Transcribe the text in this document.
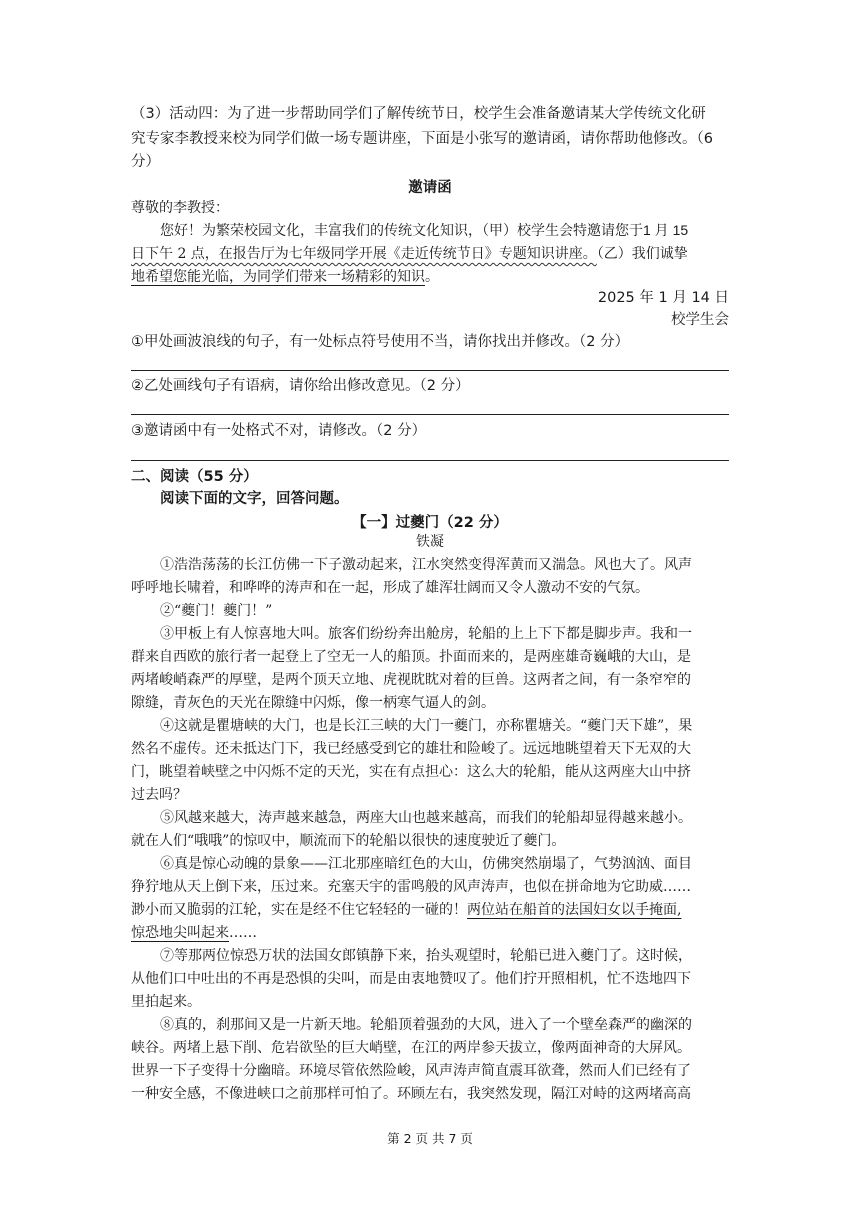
（3）活动四：为了进一步帮助同学们了解传统节日，校学生会准备邀请某大学传统文化研
究专家李教授来校为同学们做一场专题讲座，下面是小张写的邀请函，请你帮助他修改。（6
分）
邀请函
尊敬的李教授：
您好！为繁荣校园文化，丰富我们的传统文化知识，（甲）校学生会特邀请您于1 月 15
日下午 2 点，在报告厅为七年级同学开展《走近传统节日》专题知识讲座。（乙）我们诚挚
地希望您能光临，为同学们带来一场精彩的知识。
2025 年 1 月 14 日
校学生会
①甲处画波浪线的句子，有一处标点符号使用不当，请你找出并修改。（2 分）
②乙处画线句子有语病，请你给出修改意见。（2 分）
③邀请函中有一处格式不对，请修改。（2 分）
二、阅读（55 分）
阅读下面的文字，回答问题。
【一】过夔门（22 分）
铁凝
①浩浩荡荡的长江仿佛一下子激动起来，江水突然变得浑黄而又湍急。风也大了。风声
呼呼地长啸着，和哗哗的涛声和在一起，形成了雄浑壮阔而又令人激动不安的气氛。
②“夔门！夔门！”
③甲板上有人惊喜地大叫。旅客们纷纷奔出舱房，轮船的上上下下都是脚步声。我和一
群来自西欧的旅行者一起登上了空无一人的船顶。扑面而来的，是两座雄奇巍峨的大山，是
两堵峻峭森严的厚壁，是两个顶天立地、虎视眈眈对着的巨兽。这两者之间，有一条窄窄的
隙缝，青灰色的天光在隙缝中闪烁，像一柄寒气逼人的剑。
④这就是瞿塘峡的大门，也是长江三峡的大门一夔门，亦称瞿塘关。“夔门天下雄”，果
然名不虚传。还未抵达门下，我已经感受到它的雄壮和险峻了。远远地眺望着天下无双的大
门，眺望着峡壁之中闪烁不定的天光，实在有点担心：这么大的轮船，能从这两座大山中挤
过去吗？
⑤风越来越大，涛声越来越急，两座大山也越来越高，而我们的轮船却显得越来越小。
就在人们“哦哦”的惊叹中，顺流而下的轮船以很快的速度驶近了夔门。
⑥真是惊心动魄的景象——江北那座暗红色的大山，仿佛突然崩塌了，气势汹汹、面目
狰狞地从天上倒下来，压过来。充塞天宇的雷鸣般的风声涛声，也似在拼命地为它助威……
渺小而又脆弱的江轮，实在是经不住它轻轻的一碰的！两位站在船首的法国妇女以手掩面,
惊恐地尖叫起来……
⑦等那两位惊恐万状的法国女郎镇静下来，抬头观望时，轮船已进入夔门了。这时候，
从他们口中吐出的不再是恐惧的尖叫，而是由衷地赞叹了。他们拧开照相机，忙不迭地四下
里拍起来。
⑧真的，刹那间又是一片新天地。轮船顶着强劲的大风，进入了一个壁垒森严的幽深的
峡谷。两堵上悬下削、危岩欲坠的巨大峭壁，在江的两岸参天拔立，像两面神奇的大屏风。
世界一下子变得十分幽暗。环境尽管依然险峻，风声涛声简直震耳欲聋，然而人们已经有了
一种安全感，不像进峡口之前那样可怕了。环顾左右，我突然发现，隔江对峙的这两堵高高
第 2 页 共 7 页
